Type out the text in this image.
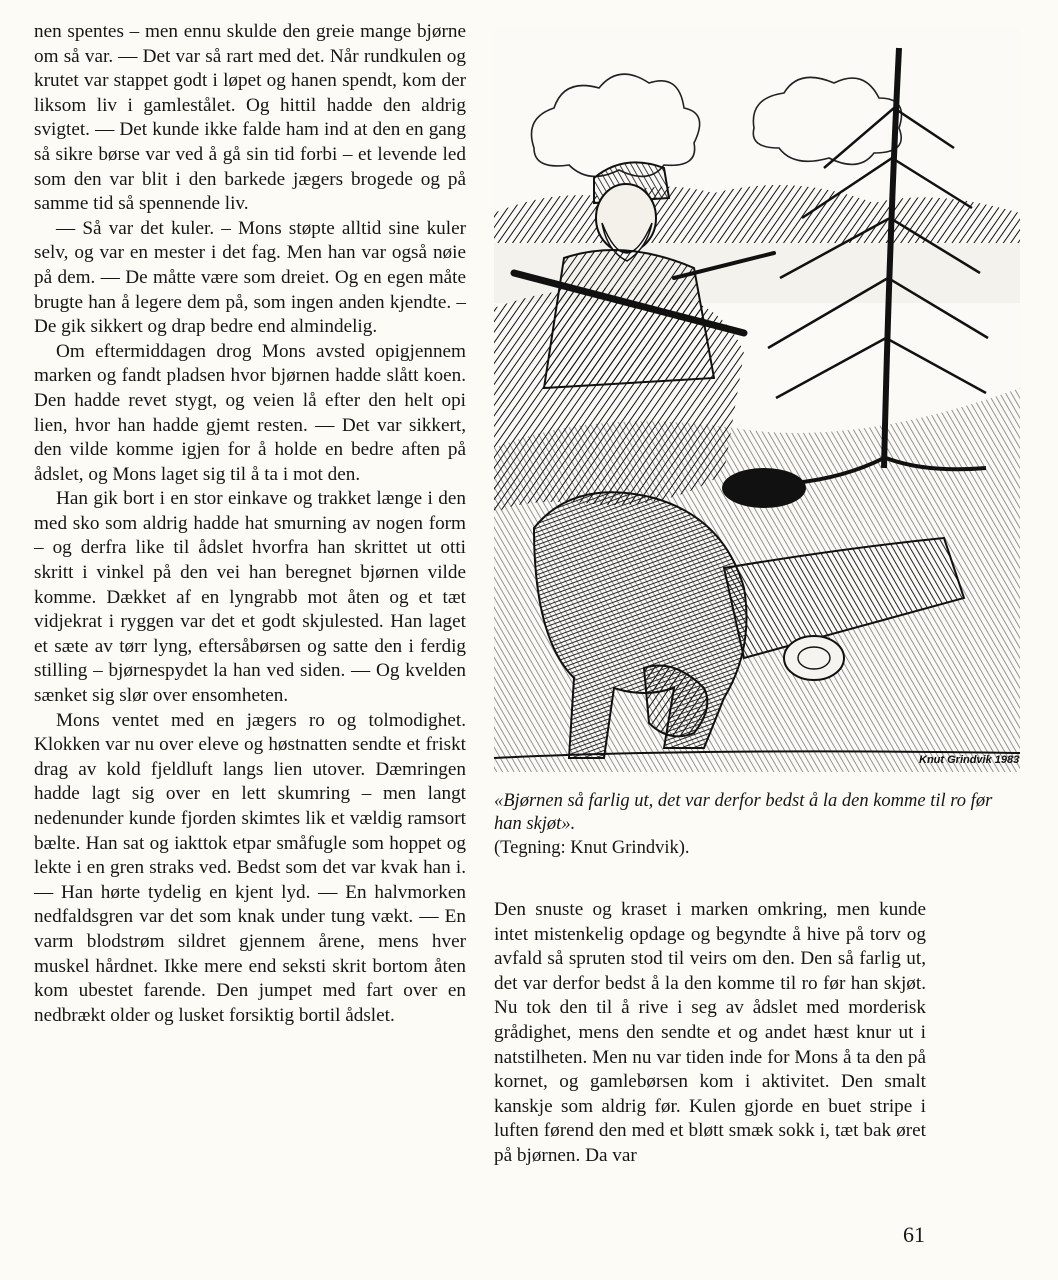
nen spentes – men ennu skulde den greie mange bjørne om så var. — Det var så rart med det. Når rundkulen og krutet var stappet godt i løpet og hanen spendt, kom der liksom liv i gamlestålet. Og hittil hadde den aldrig svigtet. — Det kunde ikke falde ham ind at den en gang så sikre børse var ved å gå sin tid forbi – et levende led som den var blit i den barkede jægers brogede og på samme tid så spennende liv.

— Så var det kuler. – Mons støpte alltid sine kuler selv, og var en mester i det fag. Men han var også nøie på dem. — De måtte være som dreiet. Og en egen måte brugte han å legere dem på, som ingen anden kjendte. – De gik sikkert og drap bedre end almindelig.

Om eftermiddagen drog Mons avsted opigjennem marken og fandt pladsen hvor bjørnen hadde slått koen. Den hadde revet stygt, og veien lå efter den helt opi lien, hvor han hadde gjemt resten. — Det var sikkert, den vilde komme igjen for å holde en bedre aften på ådslet, og Mons laget sig til å ta i mot den.

Han gik bort i en stor einkave og trakket længe i den med sko som aldrig hadde hat smurning av nogen form – og derfra like til ådslet hvorfra han skrittet ut otti skritt i vinkel på den vei han beregnet bjørnen vilde komme. Dækket af en lyngrabb mot åten og et tæt vidjekrat i ryggen var det et godt skjulested. Han laget et sæte av tørr lyng, eftersåbørsen og satte den i ferdig stilling – bjørnespydet la han ved siden. — Og kvelden sænket sig slør over ensomheten.

Mons ventet med en jægers ro og tolmodighet. Klokken var nu over eleve og høstnatten sendte et friskt drag av kold fjeldluft langs lien utover. Dæmringen hadde lagt sig over en lett skumring – men langt nedenunder kunde fjorden skimtes lik et vældig ramsort bælte. Han sat og iakttok etpar småfugle som hoppet og lekte i en gren straks ved. Bedst som det var kvak han i. — Han hørte tydelig en kjent lyd. — En halvmorken nedfaldsgren var det som knak under tung vækt. — En varm blodstrøm sildret gjennem årene, mens hver muskel hårdnet. Ikke mere end seksti skrit bortom åten kom ubestet farende. Den jumpet med fart over en nedbrækt older og lusket forsiktig bortil ådslet.

Knut Grindvik 1983
«Bjørnen så farlig ut, det var derfor bedst å la den komme til ro før han skjøt».
(Tegning: Knut Grindvik).

Den snuste og kraset i marken omkring, men kunde intet mistenkelig opdage og begyndte å hive på torv og avfald så spruten stod til veirs om den. Den så farlig ut, det var derfor bedst å la den komme til ro før han skjøt. Nu tok den til å rive i seg av ådslet med morderisk grådighet, mens den sendte et og andet hæst knur ut i natstilheten. Men nu var tiden inde for Mons å ta den på kornet, og gamlebørsen kom i aktivitet. Den smalt kanskje som aldrig før. Kulen gjorde en buet stripe i luften førend den med et bløtt smæk sokk i, tæt bak øret på bjørnen. Da var

61
